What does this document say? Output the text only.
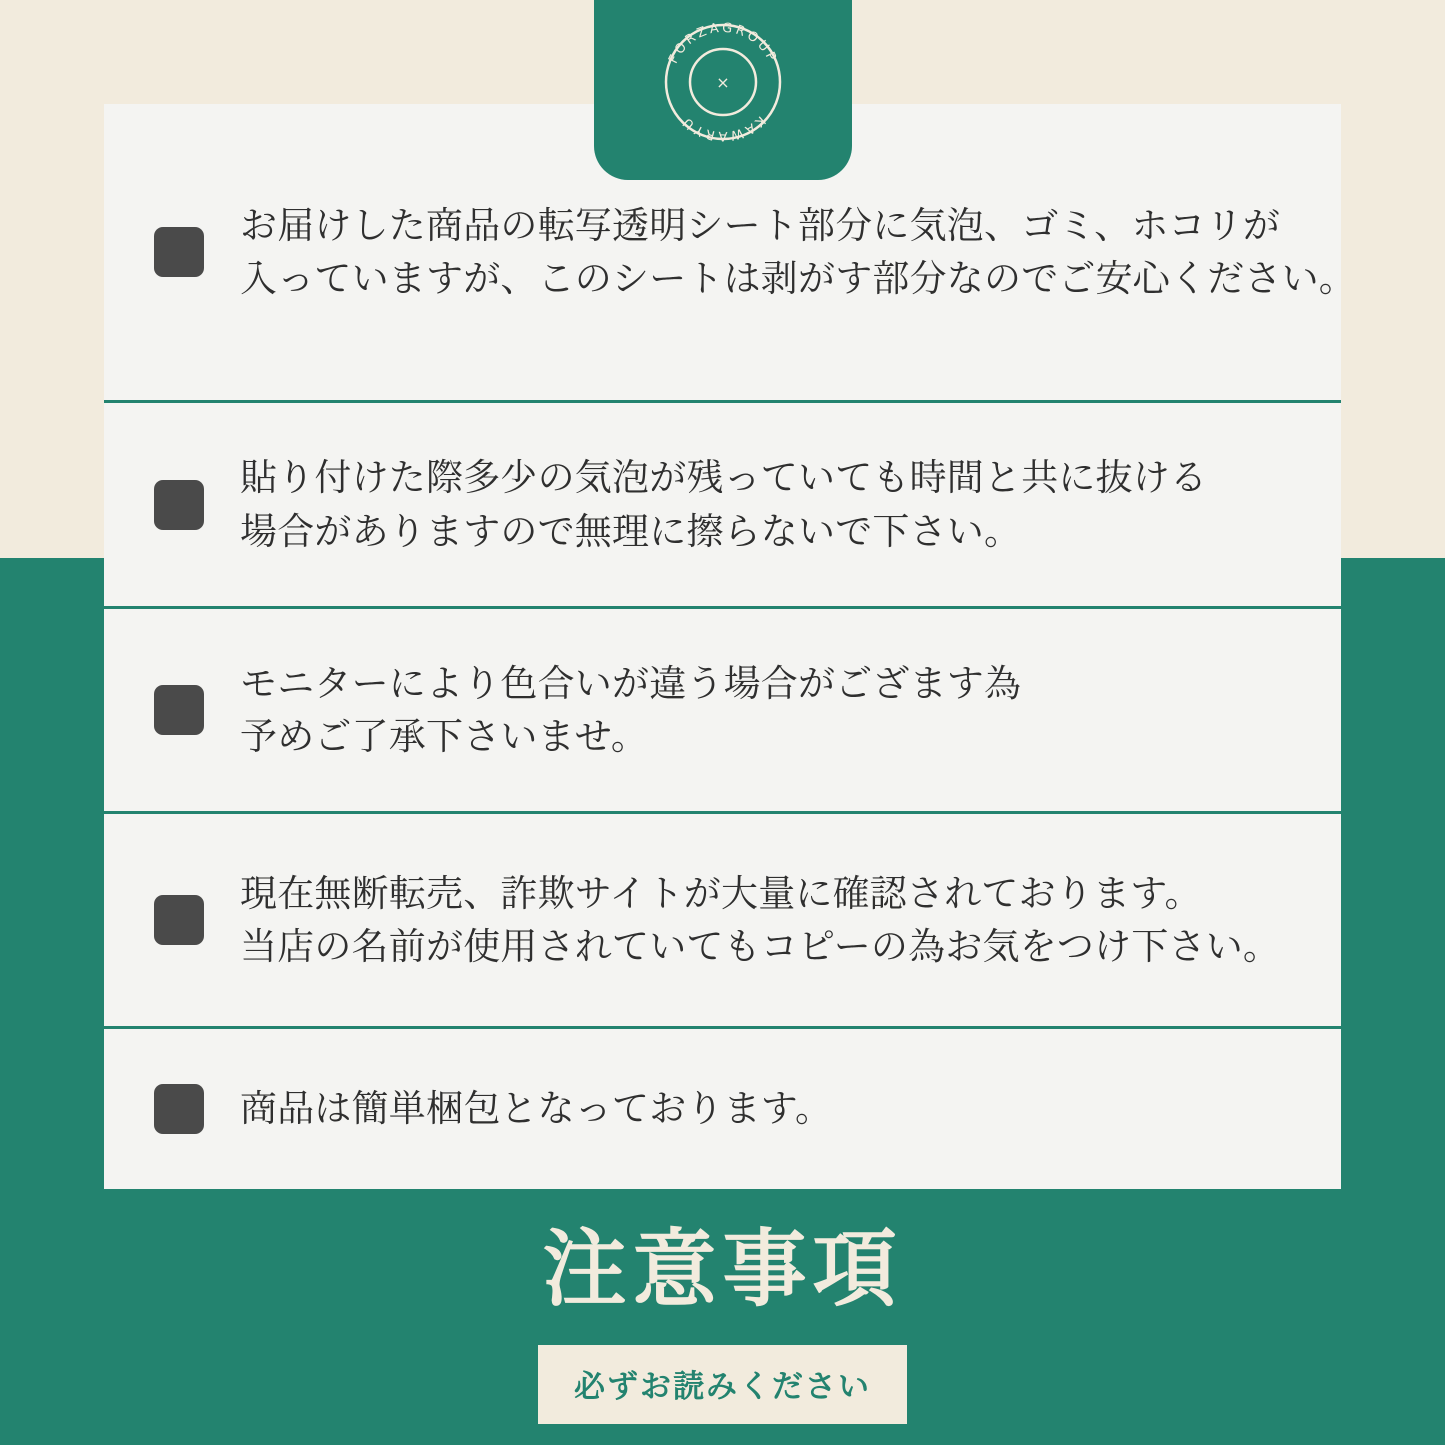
FORZAGROUP
KAWARYU
×
お届けした商品の転写透明シート部分に気泡、ゴミ、ホコリが
入っていますが、このシートは剥がす部分なのでご安心ください。
貼り付けた際多少の気泡が残っていても時間と共に抜ける
場合がありますので無理に擦らないで下さい。
モニターにより色合いが違う場合がござます為
予めご了承下さいませ。
現在無断転売、詐欺サイトが大量に確認されております。
当店の名前が使用されていてもコピーの為お気をつけ下さい。
商品は簡単梱包となっております。
注意事項
必ずお読みください
